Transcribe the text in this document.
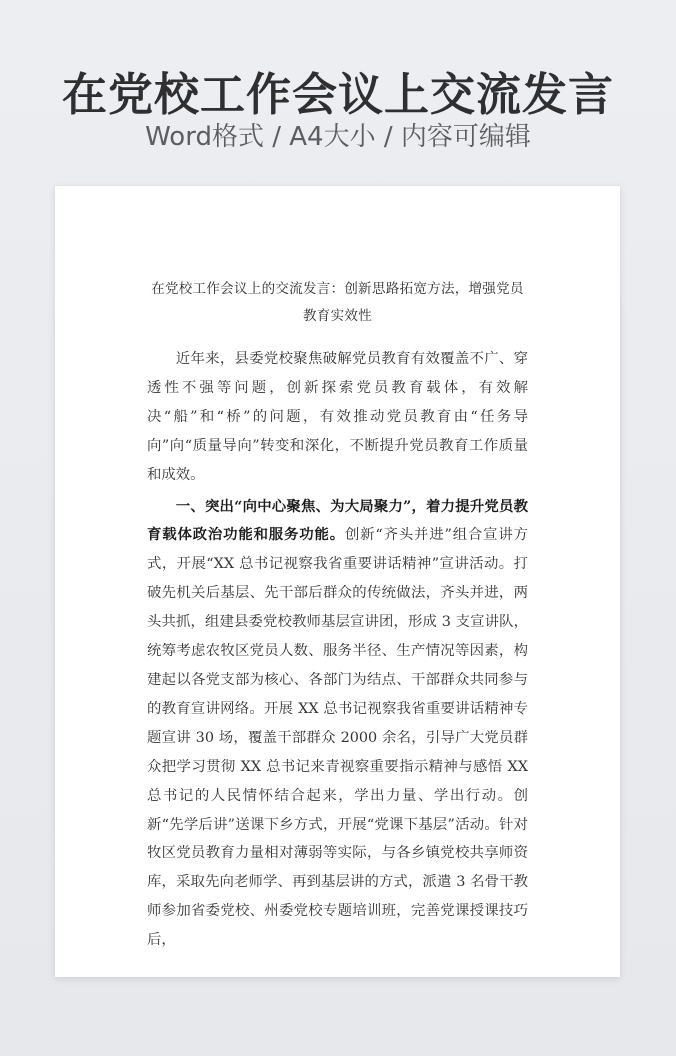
在党校工作会议上交流发言
Word格式 / A4大小 / 内容可编辑
在党校工作会议上的交流发言：创新思路拓宽方法，增强党员教育实效性

近年来，县委党校聚焦破解党员教育有效覆盖不广、穿透性不强等问题，创新探索党员教育载体，有效解决“船”和“桥”的问题，有效推动党员教育由“任务导向”向“质量导向”转变和深化，不断提升党员教育工作质量和成效。

一、突出“向中心聚焦、为大局聚力”，着力提升党员教育载体政治功能和服务功能。创新“齐头并进”组合宣讲方式，开展“XX 总书记视察我省重要讲话精神”宣讲活动。打破先机关后基层、先干部后群众的传统做法，齐头并进，两头共抓，组建县委党校教师基层宣讲团，形成 3 支宣讲队，统筹考虑农牧区党员人数、服务半径、生产情况等因素，构建起以各党支部为核心、各部门为结点、干部群众共同参与的教育宣讲网络。开展 XX 总书记视察我省重要讲话精神专题宣讲 30 场，覆盖干部群众 2000 余名，引导广大党员群众把学习贯彻 XX 总书记来青视察重要指示精神与感悟 XX 总书记的人民情怀结合起来，学出力量、学出行动。创新“先学后讲”送课下乡方式，开展“党课下基层”活动。针对牧区党员教育力量相对薄弱等实际，与各乡镇党校共享师资库，采取先向老师学、再到基层讲的方式，派遣 3 名骨干教师参加省委党校、州委党校专题培训班，完善党课授课技巧后，
